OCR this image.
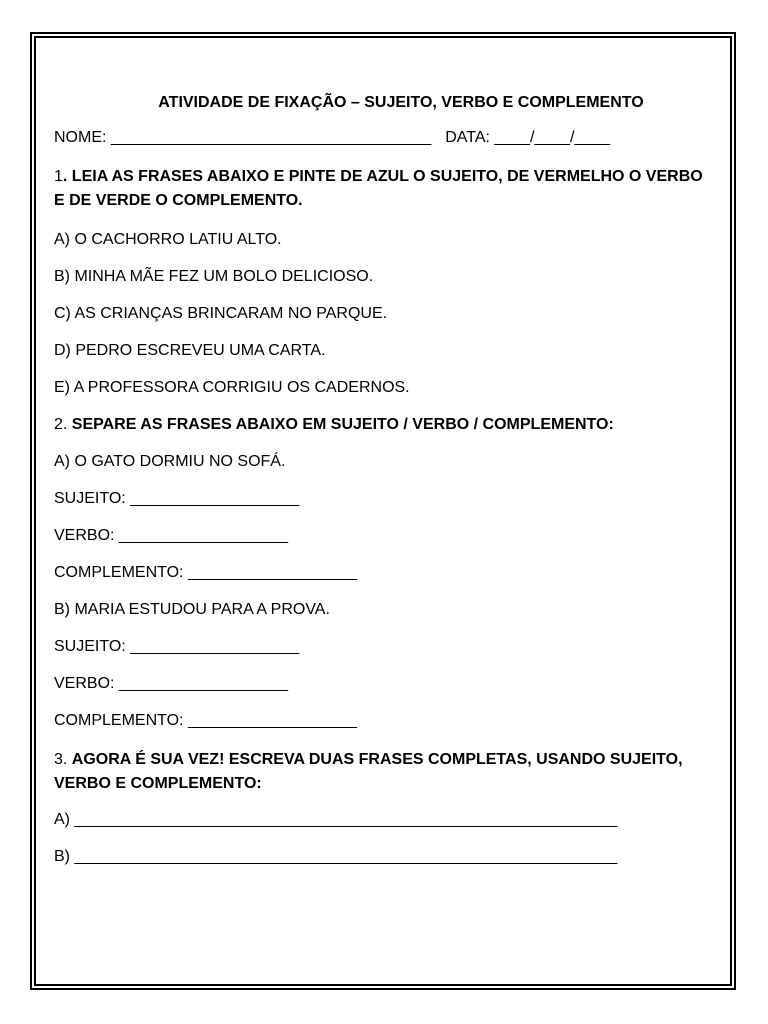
ATIVIDADE DE FIXAÇÃO – SUJEITO, VERBO E COMPLEMENTO
NOME: ____________________________________ DATA: ____/____/____
1. LEIA AS FRASES ABAIXO E PINTE DE AZUL O SUJEITO, DE VERMELHO O VERBO E DE VERDE O COMPLEMENTO.
A) O CACHORRO LATIU ALTO.
B) MINHA MÃE FEZ UM BOLO DELICIOSO.
C) AS CRIANÇAS BRINCARAM NO PARQUE.
D) PEDRO ESCREVEU UMA CARTA.
E) A PROFESSORA CORRIGIU OS CADERNOS.
2. SEPARE AS FRASES ABAIXO EM SUJEITO / VERBO / COMPLEMENTO:
A) O GATO DORMIU NO SOFÁ.
SUJEITO: ___________________
VERBO: ___________________
COMPLEMENTO: ___________________
B) MARIA ESTUDOU PARA A PROVA.
SUJEITO: ___________________
VERBO: ___________________
COMPLEMENTO: ___________________
3. AGORA É SUA VEZ! ESCREVA DUAS FRASES COMPLETAS, USANDO SUJEITO, VERBO E COMPLEMENTO:
A) _____________________________________________________________
B) _____________________________________________________________
